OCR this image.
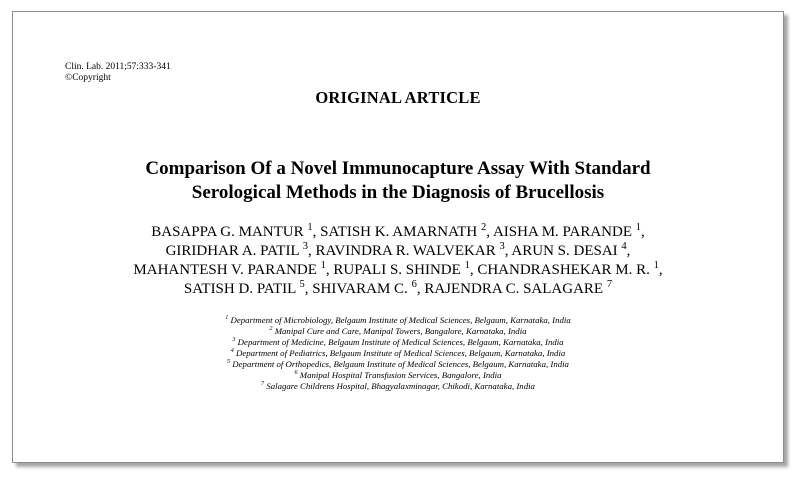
Clin. Lab. 2011;57:333-341
©Copyright
ORIGINAL ARTICLE
Comparison Of a Novel Immunocapture Assay With Standard
Serological Methods in the Diagnosis of Brucellosis
BASAPPA G. MANTUR $^1$, SATISH K. AMARNATH $^2$, AISHA M. PARANDE $^1$,
GIRIDHAR A. PATIL $^3$, RAVINDRA R. WALVEKAR $^3$, ARUN S. DESAI $^4$,
MAHANTESH V. PARANDE $^1$, RUPALI S. SHINDE $^1$, CHANDRASHEKAR M. R. $^1$,
SATISH D. PATIL $^5$, SHIVARAM C. $^6$, RAJENDRA C. SALAGARE $^7$
$^1$ Department of Microbiology, Belgaum Institute of Medical Sciences, Belgaum, Karnataka, India
$^2$ Manipal Cure and Care, Manipal Towers, Bangalore, Karnataka, India
$^3$ Department of Medicine, Belgaum Institute of Medical Sciences, Belgaum, Karnataka, India
$^4$ Department of Pediatrics, Belgaum Institute of Medical Sciences, Belgaum, Karnataka, India
$^5$ Department of Orthopedics, Belgaum Institute of Medical Sciences, Belgaum, Karnataka, India
$^6$ Manipal Hospital Transfusion Services, Bangalore, India
$^7$ Salagare Childrens Hospital, Bhagyalaxminagar, Chikodi, Karnataka, India
